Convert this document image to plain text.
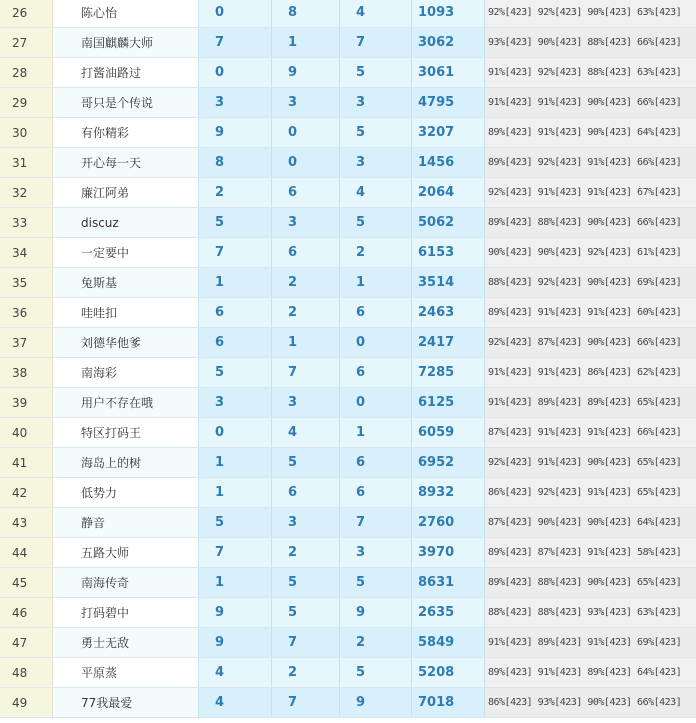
26	陈心怡	0	8	4	1093	92%[423] 92%[423] 90%[423] 63%[423]
27	南国麒麟大师	7	1	7	3062	93%[423] 90%[423] 88%[423] 66%[423]
28	打酱油路过	0	9	5	3061	91%[423] 92%[423] 88%[423] 63%[423]
29	哥只是个传说	3	3	3	4795	91%[423] 91%[423] 90%[423] 66%[423]
30	有你精彩	9	0	5	3207	89%[423] 91%[423] 90%[423] 64%[423]
31	开心每一天	8	0	3	1456	89%[423] 92%[423] 91%[423] 66%[423]
32	廉江阿弟	2	6	4	2064	92%[423] 91%[423] 91%[423] 67%[423]
33	discuz	5	3	5	5062	89%[423] 88%[423] 90%[423] 66%[423]
34	一定要中	7	6	2	6153	90%[423] 90%[423] 92%[423] 61%[423]
35	兔斯基	1	2	1	3514	88%[423] 92%[423] 90%[423] 69%[423]
36	哇哇扣	6	2	6	2463	89%[423] 91%[423] 91%[423] 60%[423]
37	刘德华他爹	6	1	0	2417	92%[423] 87%[423] 90%[423] 66%[423]
38	南海彩	5	7	6	7285	91%[423] 91%[423] 86%[423] 62%[423]
39	用户不存在哦	3	3	0	6125	91%[423] 89%[423] 89%[423] 65%[423]
40	特区打码王	0	4	1	6059	87%[423] 91%[423] 91%[423] 66%[423]
41	海岛上的树	1	5	6	6952	92%[423] 91%[423] 90%[423] 65%[423]
42	低势力	1	6	6	8932	86%[423] 92%[423] 91%[423] 65%[423]
43	静音	5	3	7	2760	87%[423] 90%[423] 90%[423] 64%[423]
44	五路大师	7	2	3	3970	89%[423] 87%[423] 91%[423] 58%[423]
45	南海传奇	1	5	5	8631	89%[423] 88%[423] 90%[423] 65%[423]
46	打码碧中	9	5	9	2635	88%[423] 88%[423] 93%[423] 63%[423]
47	勇士无敌	9	7	2	5849	91%[423] 89%[423] 91%[423] 69%[423]
48	平原蒸	4	2	5	5208	89%[423] 91%[423] 89%[423] 64%[423]
49	77我最爱	4	7	9	7018	86%[423] 93%[423] 90%[423] 66%[423]
